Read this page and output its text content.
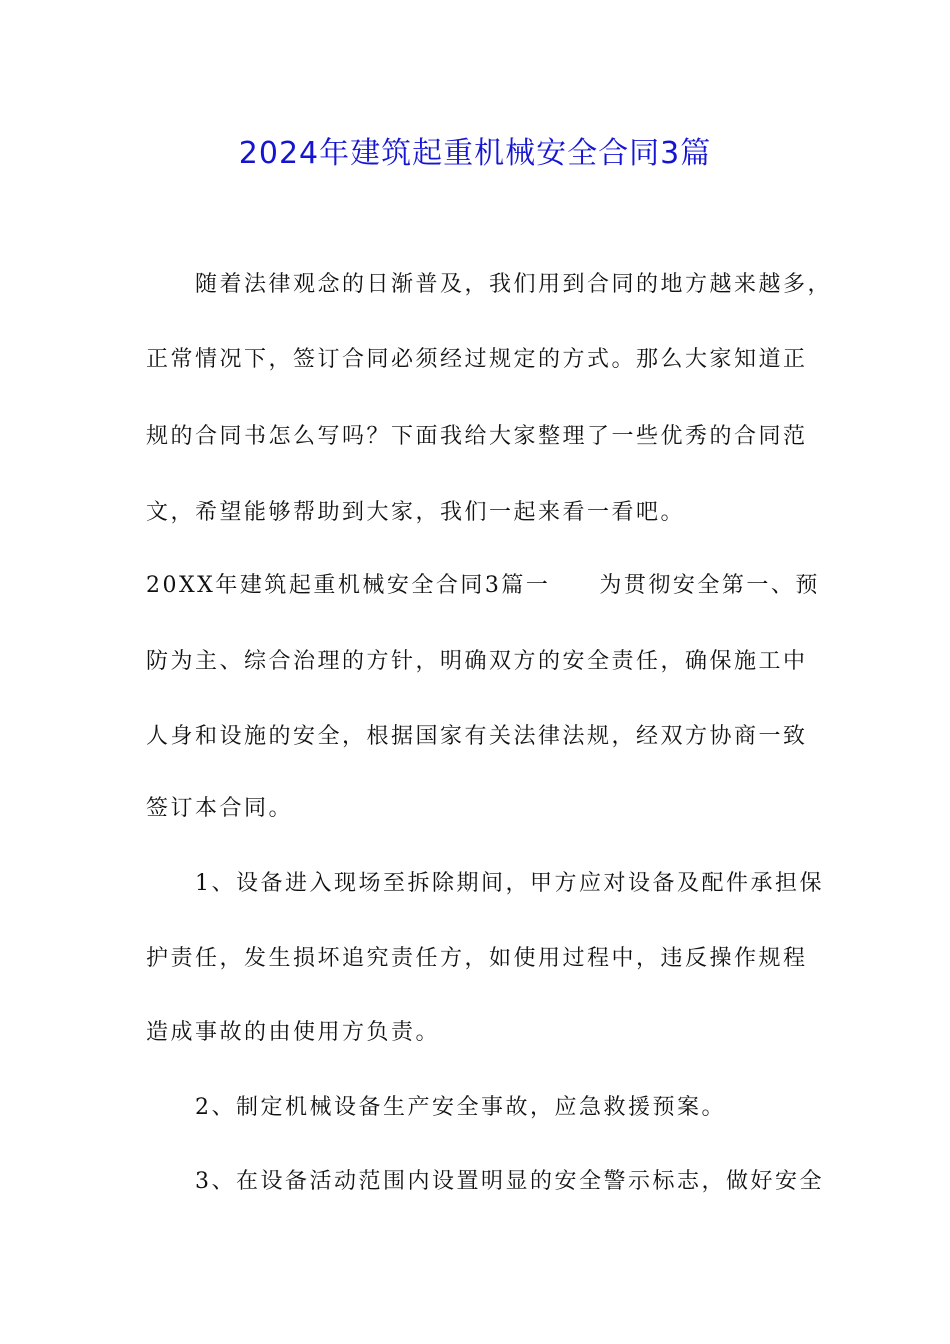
2024年建筑起重机械安全合同3篇
　　随着法律观念的日渐普及，我们用到合同的地方越来越多，
正常情况下，签订合同必须经过规定的方式。那么大家知道正
规的合同书怎么写吗？下面我给大家整理了一些优秀的合同范
文，希望能够帮助到大家，我们一起来看一看吧。
20XX年建筑起重机械安全合同3篇一　　为贯彻安全第一、预
防为主、综合治理的方针，明确双方的安全责任，确保施工中
人身和设施的安全，根据国家有关法律法规，经双方协商一致
签订本合同。
　　1、设备进入现场至拆除期间，甲方应对设备及配件承担保
护责任，发生损坏追究责任方，如使用过程中，违反操作规程
造成事故的由使用方负责。
　　2、制定机械设备生产安全事故，应急救援预案。
　　3、在设备活动范围内设置明显的安全警示标志，做好安全
